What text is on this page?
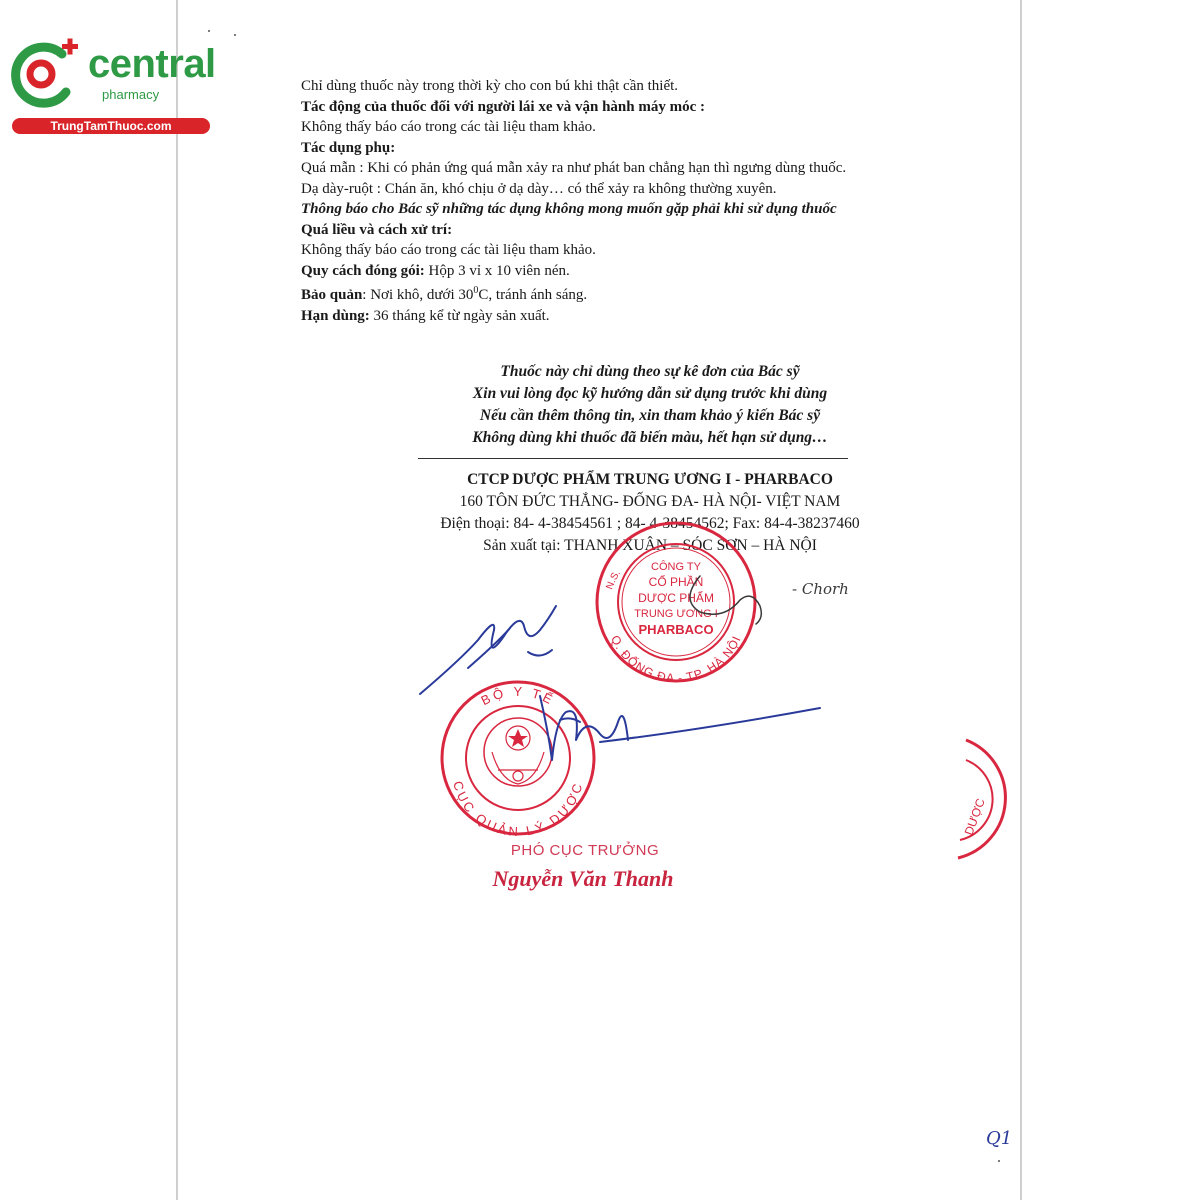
central
pharmacy
TrungTamThuoc.com

Chỉ dùng thuốc này trong thời kỳ cho con bú khi thật cần thiết.

Tác động của thuốc đối với người lái xe và vận hành máy móc :

Không thấy báo cáo trong các tài liệu tham khảo.

Tác dụng phụ:

Quá mẫn : Khi có phản ứng quá mẫn xảy ra như phát ban chẳng hạn thì ngưng dùng thuốc.

Dạ dày-ruột : Chán ăn, khó chịu ở dạ dày… có thể xảy ra không thường xuyên.

Thông báo cho Bác sỹ những tác dụng không mong muốn gặp phải khi sử dụng thuốc

Quá liều và cách xử trí:

Không thấy báo cáo trong các tài liệu tham khảo.

Quy cách đóng gói: Hộp 3 vỉ x 10 viên nén.

Bảo quản: Nơi khô, dưới $30^0C$, tránh ánh sáng.

Hạn dùng: 36 tháng kể từ ngày sản xuất.

Thuốc này chỉ dùng theo sự kê đơn của Bác sỹ
Xin vui lòng đọc kỹ hướng dẫn sử dụng trước khi dùng
Nếu cần thêm thông tin, xin tham khảo ý kiến Bác sỹ
Không dùng khi thuốc đã biến màu, hết hạn sử dụng…
CTCP DƯỢC PHẨM TRUNG ƯƠNG I - PHARBACO
160 TÔN ĐỨC THẮNG- ĐỐNG ĐA- HÀ NỘI- VIỆT NAM
Điện thoại: 84- 4-38454561 ; 84- 4-38454562; Fax: 84-4-38237460
Sản xuất tại: THANH XUÂN – SÓC SƠN – HÀ NỘI
Q. ĐỐNG ĐA - TP. HÀ NỘI
N.S.	CÔNG TY
CỔ PHẦN
DƯỢC PHẨM
TRUNG ƯƠNG I
PHARBACO
BỘ Y TẾ
CỤC QUẢN LÝ DƯỢC
DƯỢC
- Chorh
Q1
PHÓ CỤC TRƯỞNG
Nguyễn Văn Thanh
